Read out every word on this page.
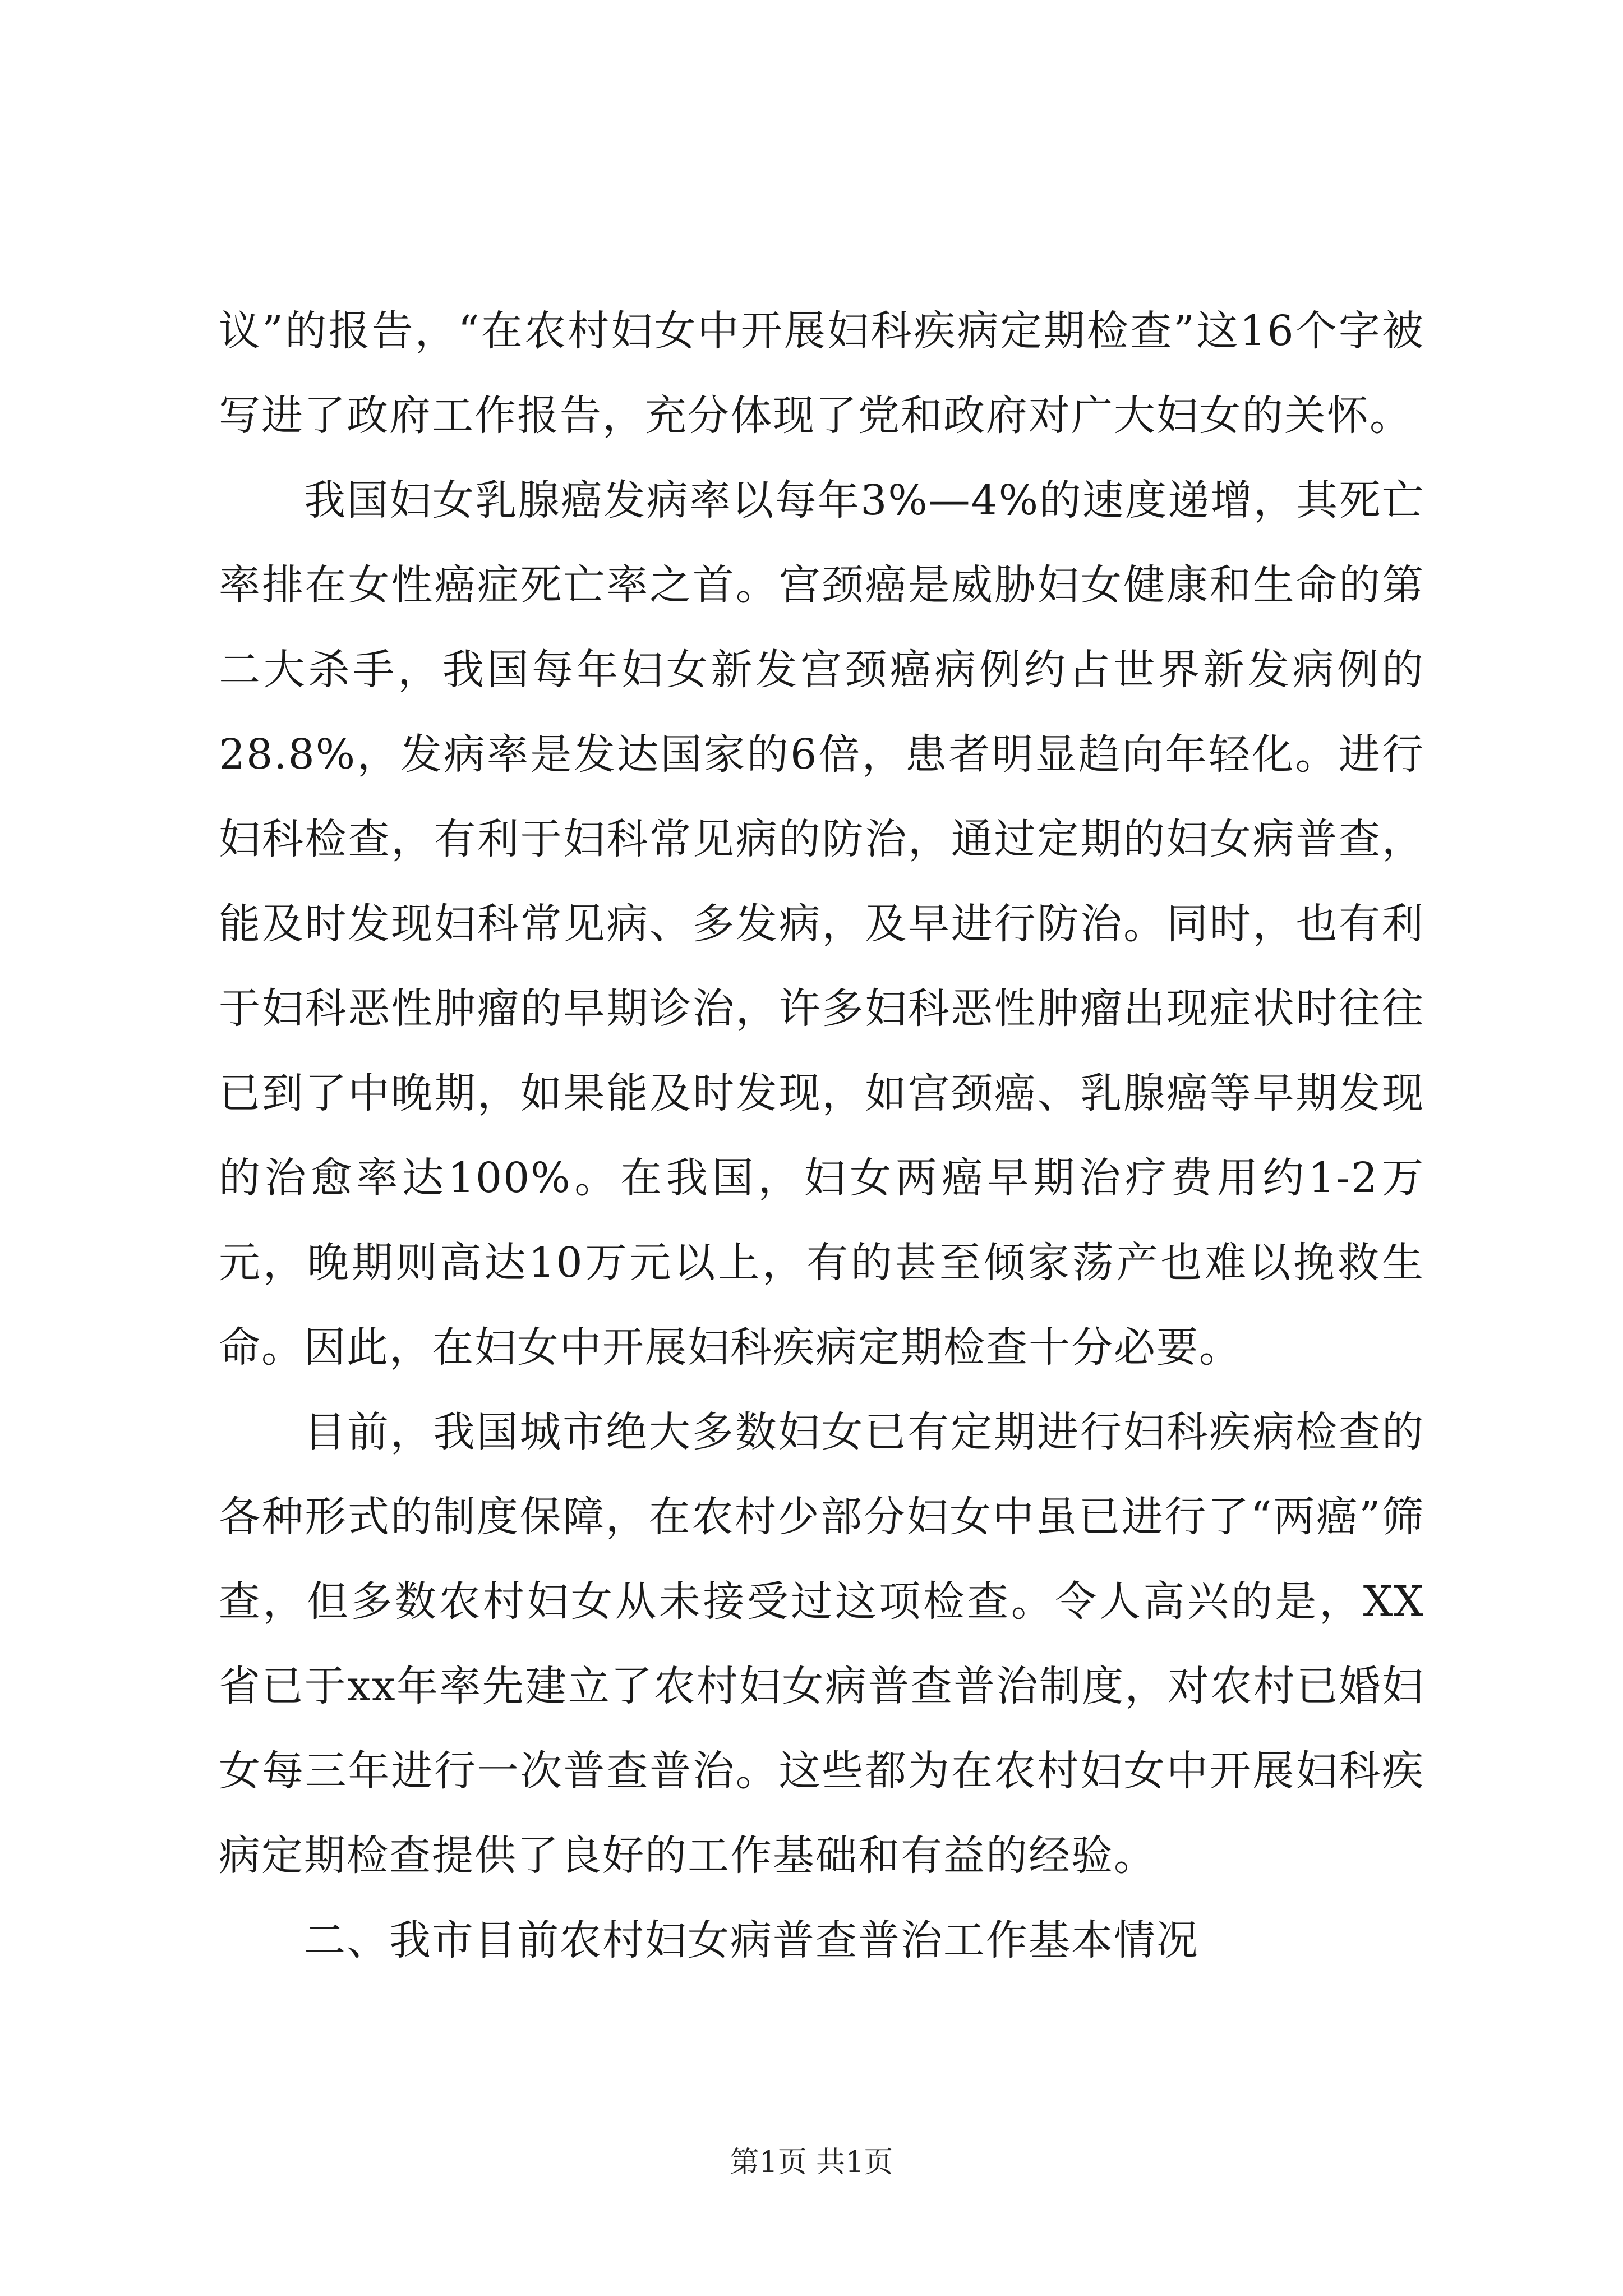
议”的报告，“在农村妇女中开展妇科疾病定期检查”这16个字被写进了政府工作报告，充分体现了党和政府对广大妇女的关怀。

我国妇女乳腺癌发病率以每年3%—4%的速度递增，其死亡率排在女性癌症死亡率之首。宫颈癌是威胁妇女健康和生命的第二大杀手，我国每年妇女新发宫颈癌病例约占世界新发病例的28.8%，发病率是发达国家的6倍，患者明显趋向年轻化。进行妇科检查，有利于妇科常见病的防治，通过定期的妇女病普查，能及时发现妇科常见病、多发病，及早进行防治。同时，也有利于妇科恶性肿瘤的早期诊治，许多妇科恶性肿瘤出现症状时往往已到了中晚期，如果能及时发现，如宫颈癌、乳腺癌等早期发现的治愈率达100%。在我国，妇女两癌早期治疗费用约1-2万元，晚期则高达10万元以上，有的甚至倾家荡产也难以挽救生命。因此，在妇女中开展妇科疾病定期检查十分必要。

目前，我国城市绝大多数妇女已有定期进行妇科疾病检查的各种形式的制度保障，在农村少部分妇女中虽已进行了“两癌”筛查，但多数农村妇女从未接受过这项检查。令人高兴的是，XX省已于xx年率先建立了农村妇女病普查普治制度，对农村已婚妇女每三年进行一次普查普治。这些都为在农村妇女中开展妇科疾病定期检查提供了良好的工作基础和有益的经验。

二、我市目前农村妇女病普查普治工作基本情况

第1页 共1页
